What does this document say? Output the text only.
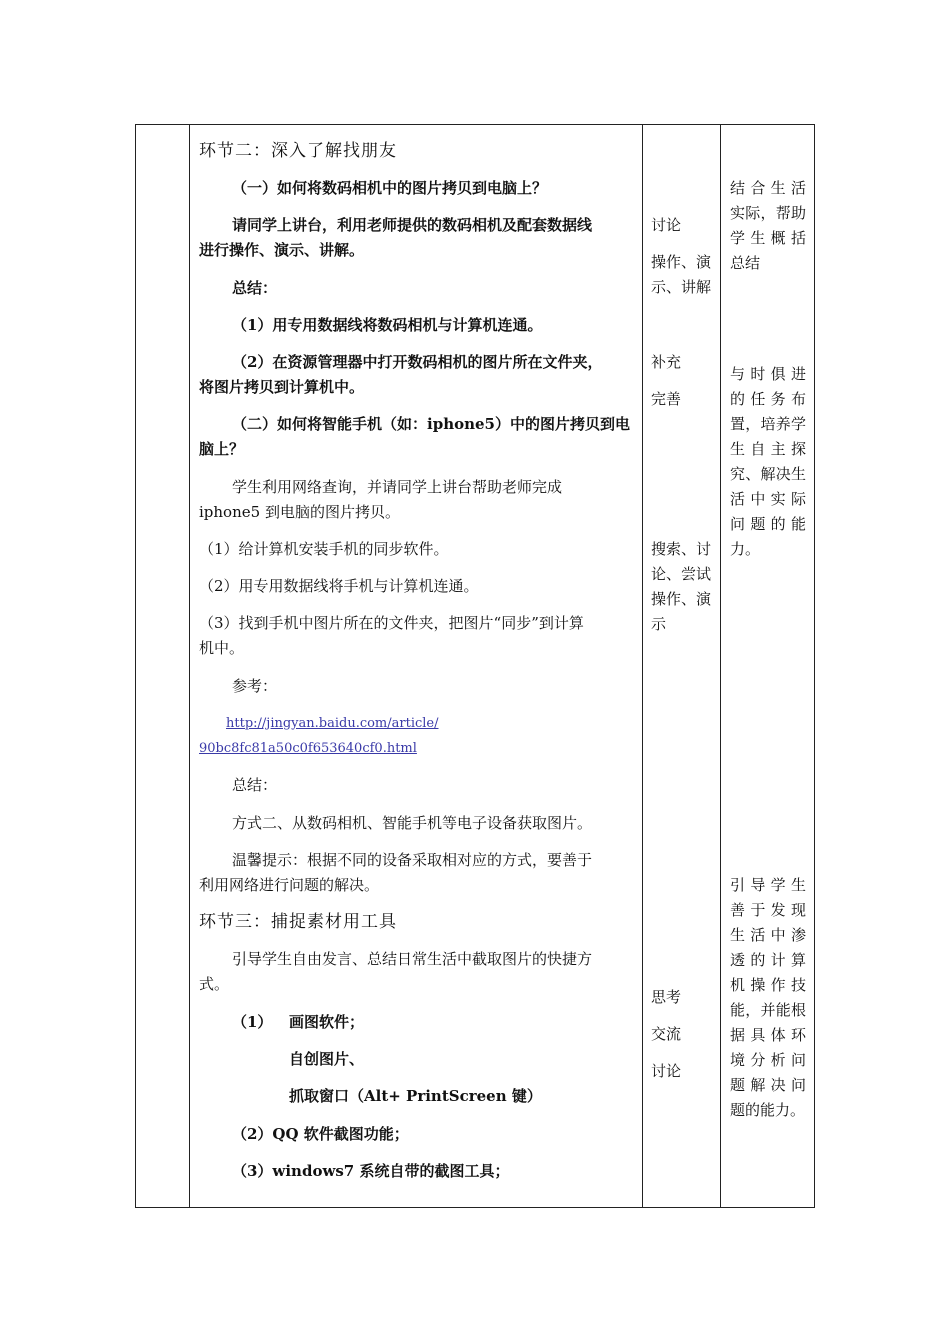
环节二：深入了解找朋友
（一）如何将数码相机中的图片拷贝到电脑上？
请同学上讲台，利用老师提供的数码相机及配套数据线
进行操作、演示、讲解。
总结：
（1）用专用数据线将数码相机与计算机连通。
（2）在资源管理器中打开数码相机的图片所在文件夹，
将图片拷贝到计算机中。
（二）如何将智能手机（如：iphone5）中的图片拷贝到电
脑上？
学生利用网络查询，并请同学上讲台帮助老师完成
iphone5 到电脑的图片拷贝。
（1）给计算机安装手机的同步软件。
（2）用专用数据线将手机与计算机连通。
（3）找到手机中图片所在的文件夹，把图片“同步”到计算
机中。
参考：
http://jingyan.baidu.com/article/
90bc8fc81a50c0f653640cf0.html
总结：
方式二、从数码相机、智能手机等电子设备获取图片。
温馨提示：根据不同的设备采取相对应的方式，要善于
利用网络进行问题的解决。
环节三：捕捉素材用工具
引导学生自由发言、总结日常生活中截取图片的快捷方
式。
（1） 画图软件；
自创图片、
抓取窗口（Alt+ PrintScreen 键）
（2）QQ 软件截图功能；
（3）windows7 系统自带的截图工具；
讨论
操作、演
示、讲解
补充
完善
搜索、讨
论、尝试
操作、演
示
思考
交流
讨论
结合生活
实际，帮助
学生概括
总结
与时俱进
的任务布
置，培养学
生自主探
究、解决生
活中实际
问题的能
力。
引导学生
善于发现
生活中渗
透的计算
机操作技
能，并能根
据具体环
境分析问
题解决问
题的能力。
